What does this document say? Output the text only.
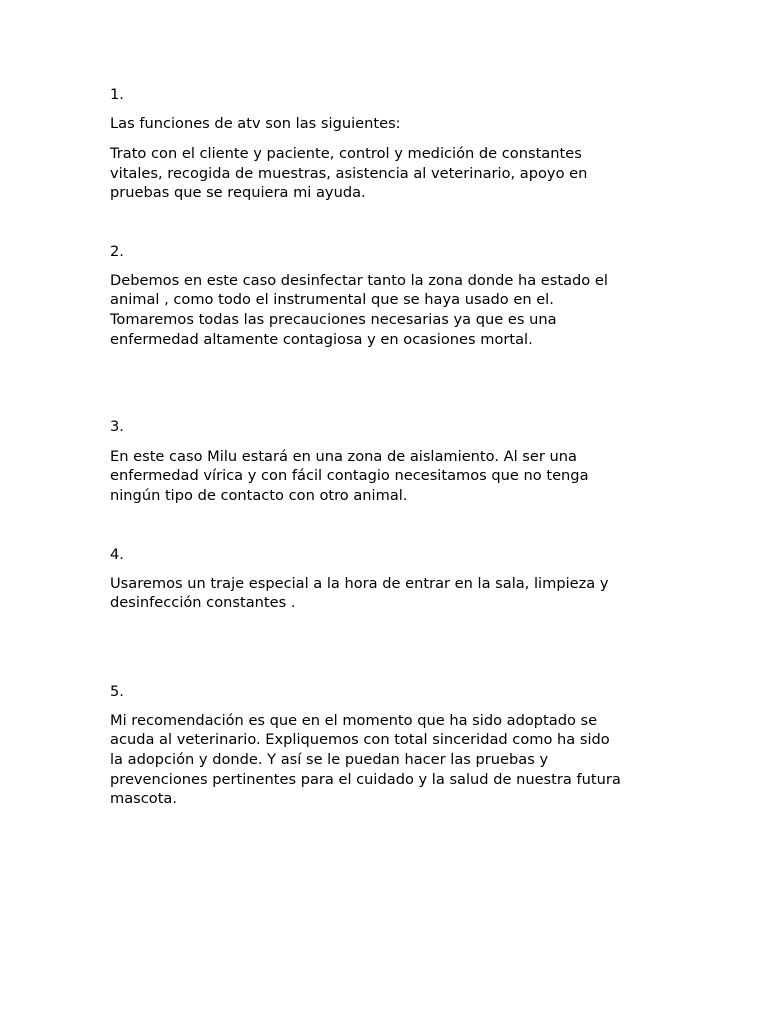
1.

Las funciones de atv son las siguientes:

Trato con el cliente y paciente, control y medición de constantes

vitales, recogida de muestras, asistencia al veterinario, apoyo en

pruebas que se requiera mi ayuda.

2.

Debemos en este caso desinfectar tanto la zona donde ha estado el

animal , como todo el instrumental que se haya usado en el.

Tomaremos todas las precauciones necesarias ya que es una

enfermedad altamente contagiosa y en ocasiones mortal.

3.

En este caso Milu estará en una zona de aislamiento. Al ser una

enfermedad vírica y con fácil contagio necesitamos que no tenga

ningún tipo de contacto con otro animal.

4.

Usaremos un traje especial a la hora de entrar en la sala, limpieza y

desinfección constantes .

5.

Mi recomendación es que en el momento que ha sido adoptado se

acuda al veterinario. Expliquemos con total sinceridad como ha sido

la adopción y donde. Y así se le puedan hacer las pruebas y

prevenciones pertinentes para el cuidado y la salud de nuestra futura

mascota.
